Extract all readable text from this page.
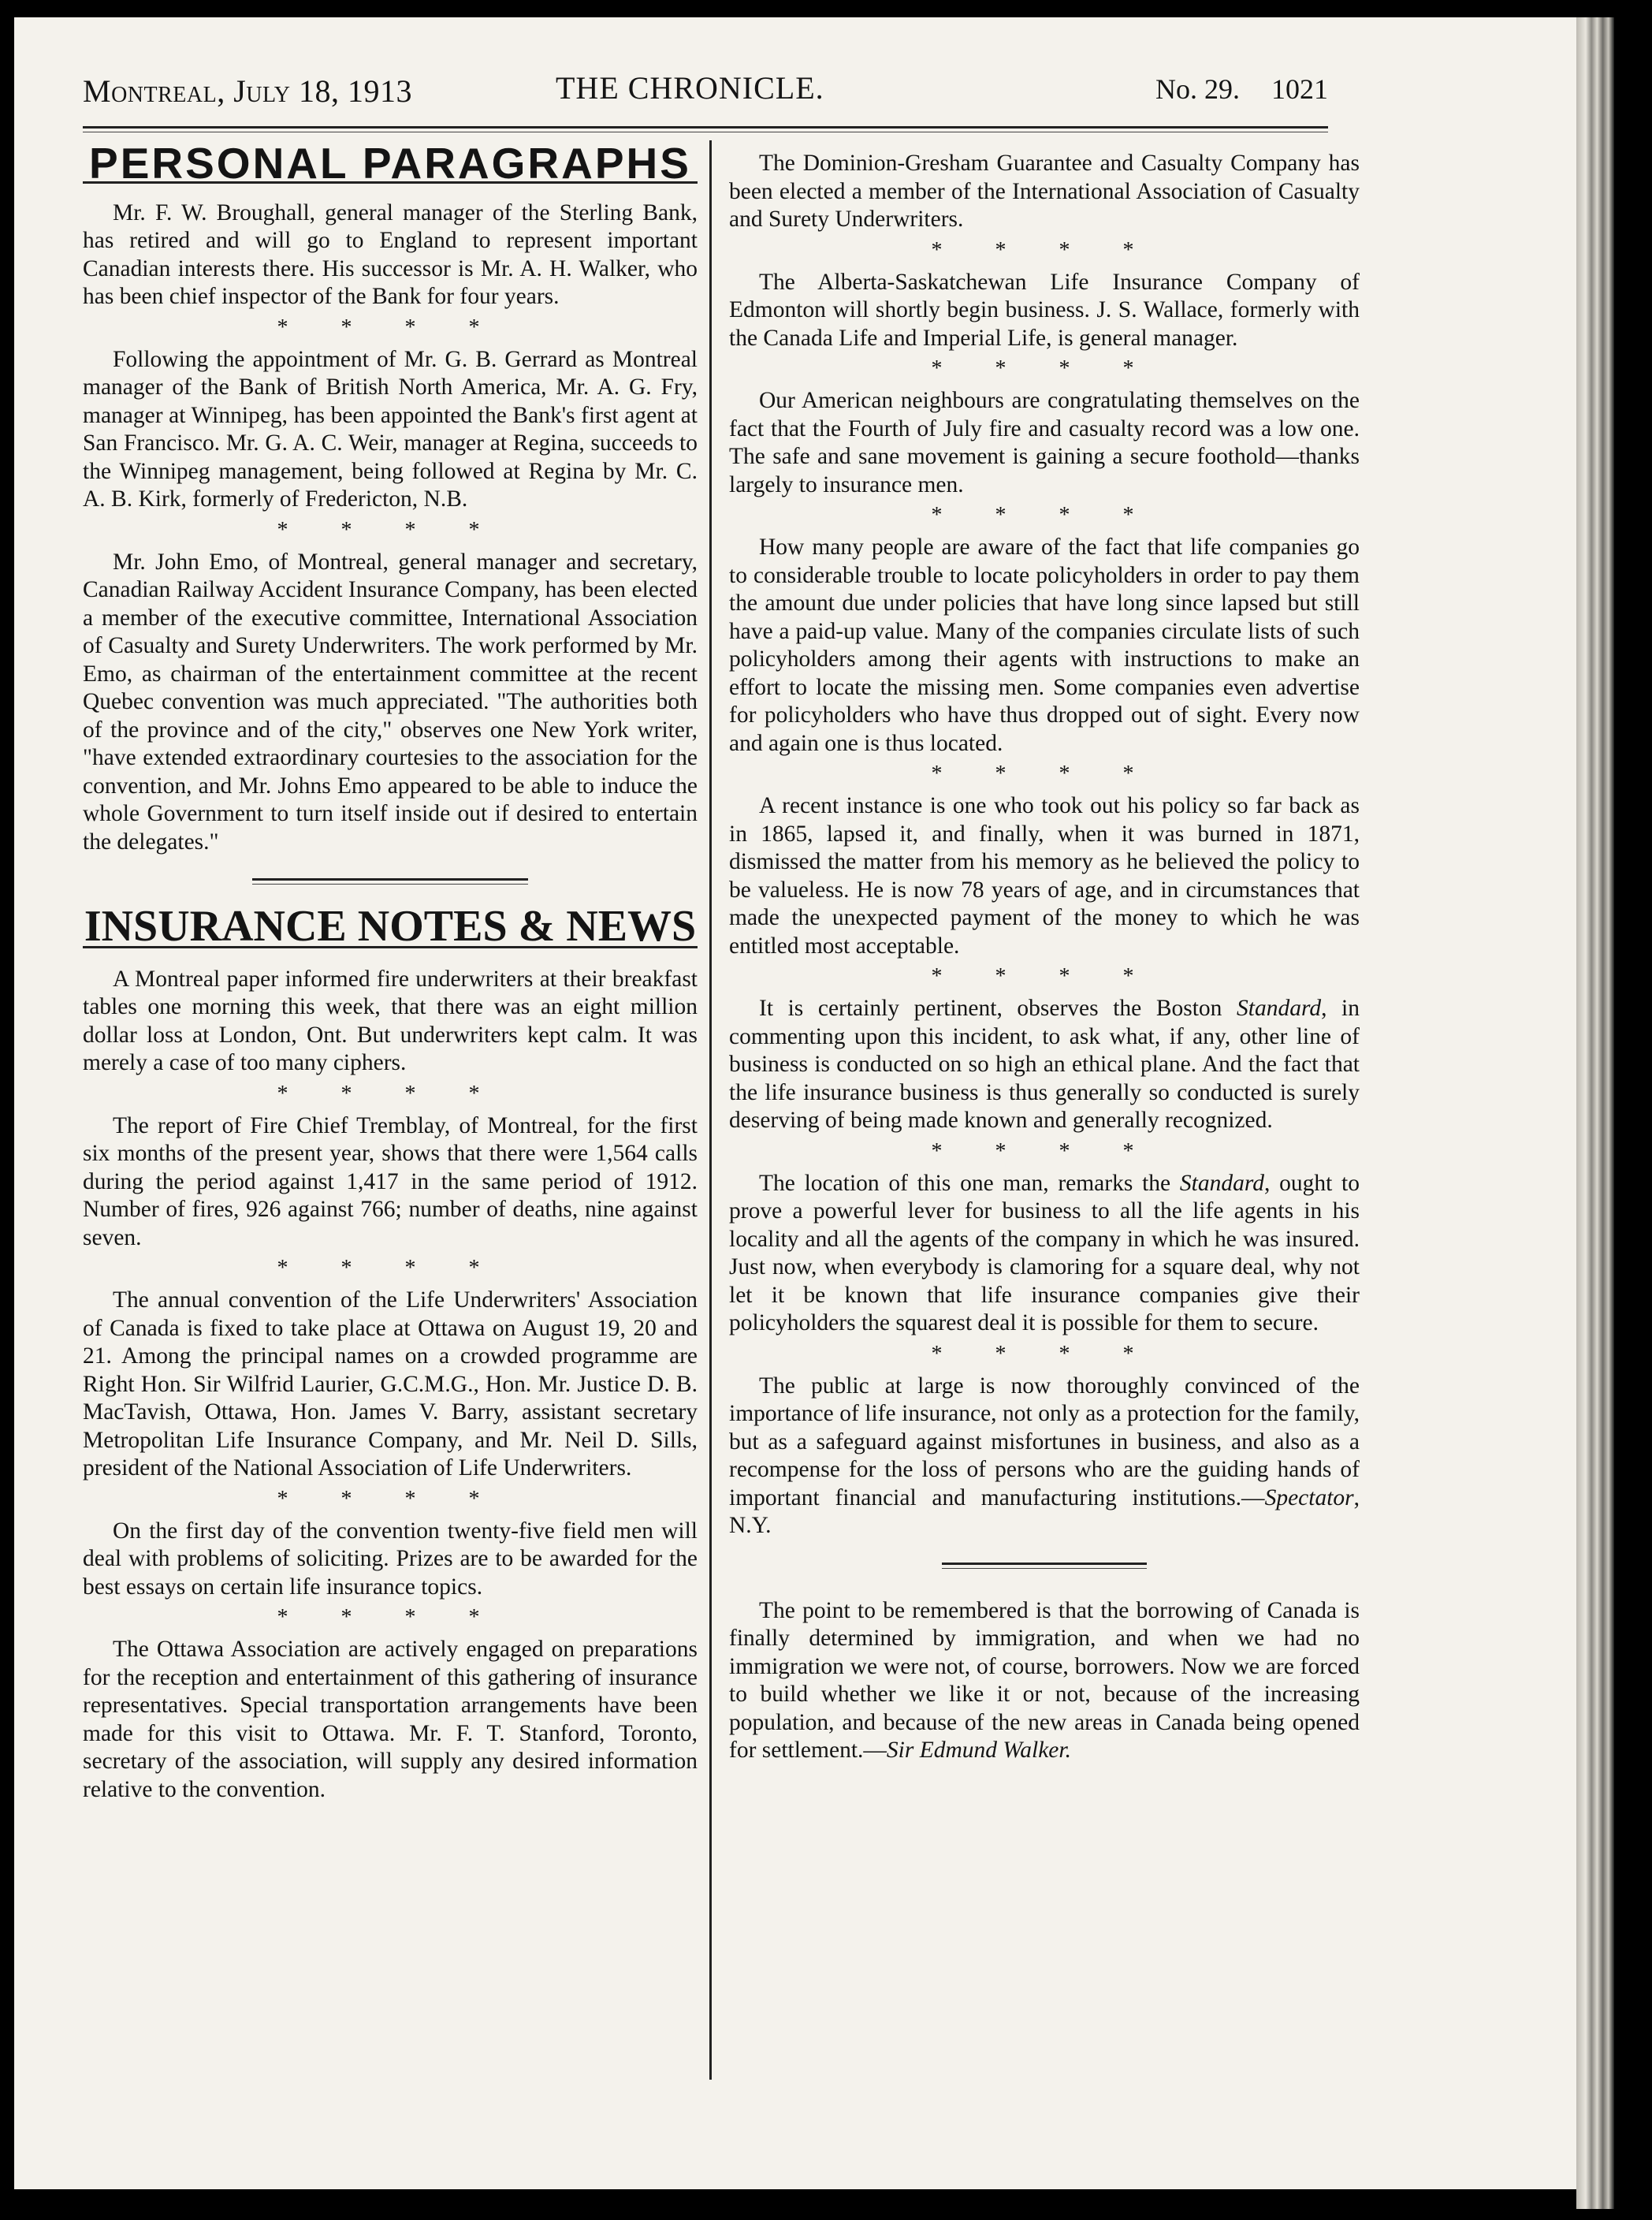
Montreal, July 18, 1913	THE CHRONICLE.	No. 29. 1021
PERSONAL PARAGRAPHS

Mr. F. W. Broughall, general manager of the Sterling Bank, has retired and will go to England to represent important Canadian interests there. His successor is Mr. A. H. Walker, who has been chief inspector of the Bank for four years.

* * * *

Following the appointment of Mr. G. B. Gerrard as Montreal manager of the Bank of British North America, Mr. A. G. Fry, manager at Winnipeg, has been appointed the Bank's first agent at San Francisco. Mr. G. A. C. Weir, manager at Regina, succeeds to the Winnipeg management, being followed at Regina by Mr. C. A. B. Kirk, formerly of Fredericton, N.B.

* * * *

Mr. John Emo, of Montreal, general manager and secretary, Canadian Railway Accident Insurance Company, has been elected a member of the executive committee, International Association of Casualty and Surety Underwriters. The work performed by Mr. Emo, as chairman of the entertainment committee at the recent Quebec convention was much appreciated. "The authorities both of the province and of the city," observes one New York writer, "have extended extraordinary courtesies to the association for the convention, and Mr. Johns Emo appeared to be able to induce the whole Government to turn itself inside out if desired to entertain the delegates."

INSURANCE NOTES & NEWS

A Montreal paper informed fire underwriters at their breakfast tables one morning this week, that there was an eight million dollar loss at London, Ont. But underwriters kept calm. It was merely a case of too many ciphers.

* * * *

The report of Fire Chief Tremblay, of Montreal, for the first six months of the present year, shows that there were 1,564 calls during the period against 1,417 in the same period of 1912. Number of fires, 926 against 766; number of deaths, nine against seven.

* * * *

The annual convention of the Life Underwriters' Association of Canada is fixed to take place at Ottawa on August 19, 20 and 21. Among the principal names on a crowded programme are Right Hon. Sir Wilfrid Laurier, G.C.M.G., Hon. Mr. Justice D. B. MacTavish, Ottawa, Hon. James V. Barry, assistant secretary Metropolitan Life Insurance Company, and Mr. Neil D. Sills, president of the National Association of Life Underwriters.

* * * *

On the first day of the convention twenty-five field men will deal with problems of soliciting. Prizes are to be awarded for the best essays on certain life insurance topics.

* * * *

The Ottawa Association are actively engaged on preparations for the reception and entertainment of this gathering of insurance representatives. Special transportation arrangements have been made for this visit to Ottawa. Mr. F. T. Stanford, Toronto, secretary of the association, will supply any desired information relative to the convention.

The Dominion-Gresham Guarantee and Casualty Company has been elected a member of the International Association of Casualty and Surety Underwriters.

* * * *

The Alberta-Saskatchewan Life Insurance Company of Edmonton will shortly begin business. J. S. Wallace, formerly with the Canada Life and Imperial Life, is general manager.

* * * *

Our American neighbours are congratulating themselves on the fact that the Fourth of July fire and casualty record was a low one. The safe and sane movement is gaining a secure foothold—thanks largely to insurance men.

* * * *

How many people are aware of the fact that life companies go to considerable trouble to locate policyholders in order to pay them the amount due under policies that have long since lapsed but still have a paid-up value. Many of the companies circulate lists of such policyholders among their agents with instructions to make an effort to locate the missing men. Some companies even advertise for policyholders who have thus dropped out of sight. Every now and again one is thus located.

* * * *

A recent instance is one who took out his policy so far back as in 1865, lapsed it, and finally, when it was burned in 1871, dismissed the matter from his memory as he believed the policy to be valueless. He is now 78 years of age, and in circumstances that made the unexpected payment of the money to which he was entitled most acceptable.

* * * *

It is certainly pertinent, observes the Boston Standard, in commenting upon this incident, to ask what, if any, other line of business is conducted on so high an ethical plane. And the fact that the life insurance business is thus generally so conducted is surely deserving of being made known and generally recognized.

* * * *

The location of this one man, remarks the Standard, ought to prove a powerful lever for business to all the life agents in his locality and all the agents of the company in which he was insured. Just now, when everybody is clamoring for a square deal, why not let it be known that life insurance companies give their policyholders the squarest deal it is possible for them to secure.

* * * *

The public at large is now thoroughly convinced of the importance of life insurance, not only as a protection for the family, but as a safeguard against misfortunes in business, and also as a recompense for the loss of persons who are the guiding hands of important financial and manufacturing institutions.—Spectator, N.Y.

The point to be remembered is that the borrowing of Canada is finally determined by immigration, and when we had no immigration we were not, of course, borrowers. Now we are forced to build whether we like it or not, because of the increasing population, and because of the new areas in Canada being opened for settlement.—Sir Edmund Walker.
